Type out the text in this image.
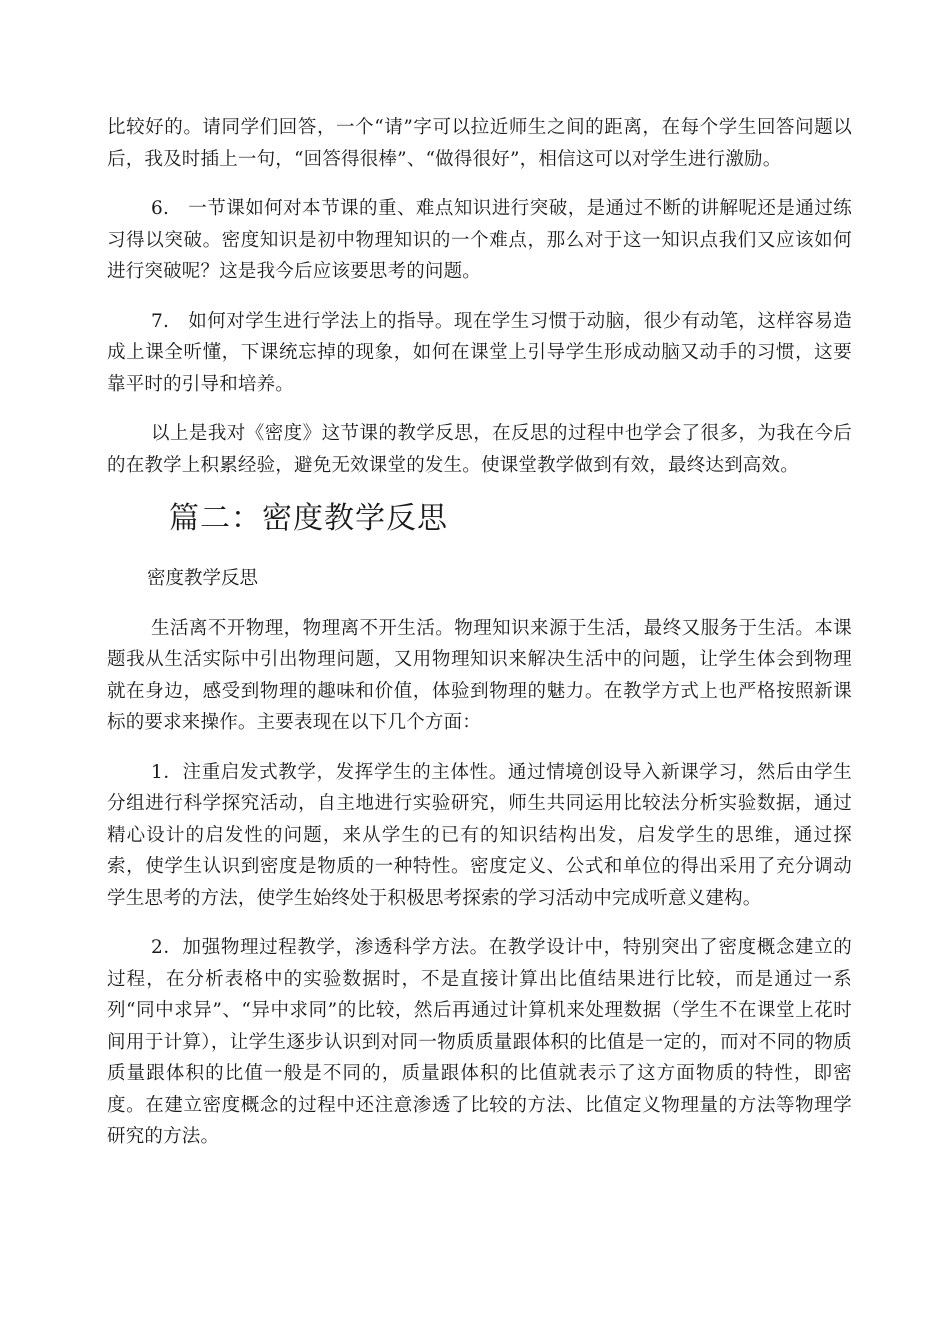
比较好的。请同学们回答，一个“请”字可以拉近师生之间的距离，在每个学生回答问题以后，我及时插上一句，“回答得很棒”、“做得很好”，相信这可以对学生进行激励。

6.　一节课如何对本节课的重、难点知识进行突破，是通过不断的讲解呢还是通过练习得以突破。密度知识是初中物理知识的一个难点，那么对于这一知识点我们又应该如何进行突破呢？这是我今后应该要思考的问题。

7.　如何对学生进行学法上的指导。现在学生习惯于动脑，很少有动笔，这样容易造成上课全听懂，下课统忘掉的现象，如何在课堂上引导学生形成动脑又动手的习惯，这要靠平时的引导和培养。

以上是我对《密度》这节课的教学反思，在反思的过程中也学会了很多，为我在今后的在教学上积累经验，避免无效课堂的发生。使课堂教学做到有效，最终达到高效。

篇二：密度教学反思

密度教学反思

生活离不开物理，物理离不开生活。物理知识来源于生活，最终又服务于生活。本课题我从生活实际中引出物理问题，又用物理知识来解决生活中的问题，让学生体会到物理就在身边，感受到物理的趣味和价值，体验到物理的魅力。在教学方式上也严格按照新课标的要求来操作。主要表现在以下几个方面：

1．注重启发式教学，发挥学生的主体性。通过情境创设导入新课学习，然后由学生分组进行科学探究活动，自主地进行实验研究，师生共同运用比较法分析实验数据，通过精心设计的启发性的问题，来从学生的已有的知识结构出发，启发学生的思维，通过探索，使学生认识到密度是物质的一种特性。密度定义、公式和单位的得出采用了充分调动学生思考的方法，使学生始终处于积极思考探索的学习活动中完成听意义建构。

2．加强物理过程教学，渗透科学方法。在教学设计中，特别突出了密度概念建立的过程，在分析表格中的实验数据时，不是直接计算出比值结果进行比较，而是通过一系列“同中求异”、“异中求同”的比较，然后再通过计算机来处理数据（学生不在课堂上花时间用于计算），让学生逐步认识到对同一物质质量跟体积的比值是一定的，而对不同的物质质量跟体积的比值一般是不同的，质量跟体积的比值就表示了这方面物质的特性，即密度。在建立密度概念的过程中还注意渗透了比较的方法、比值定义物理量的方法等物理学研究的方法。
